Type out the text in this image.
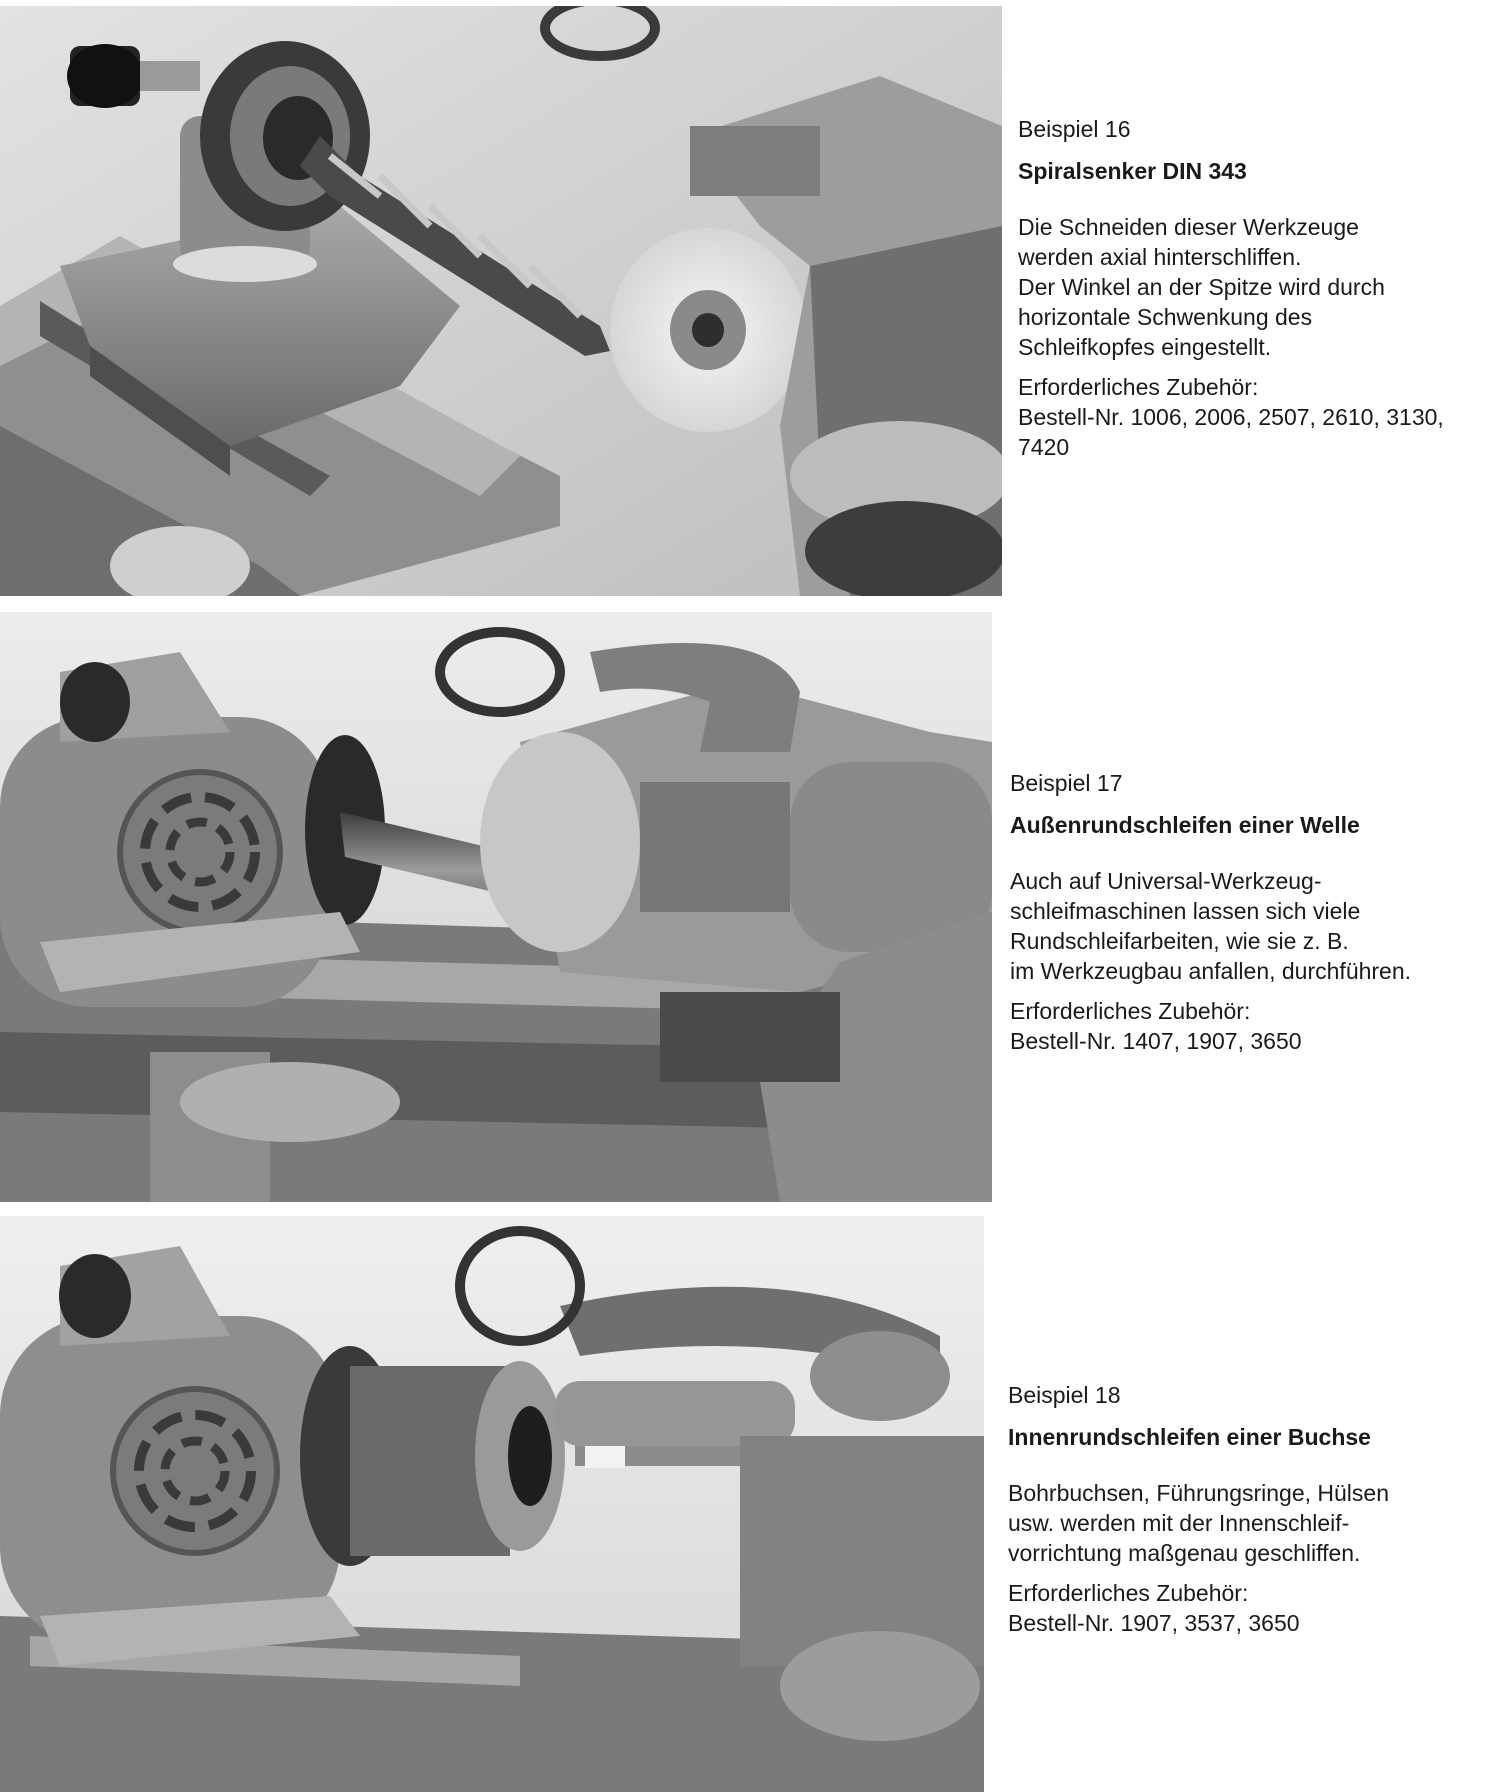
Beispiel 16

Spiralsenker DIN 343

Die Schneiden dieser Werkzeuge

werden axial hinterschliffen.

Der Winkel an der Spitze wird durch

horizontale Schwenkung des

Schleifkopfes eingestellt.

Erforderliches Zubehör:

Bestell-Nr. 1006, 2006, 2507, 2610, 3130,

7420

Beispiel 17

Außenrundschleifen einer Welle

Auch auf Universal-Werkzeug-

schleifmaschinen lassen sich viele

Rundschleifarbeiten, wie sie z. B.

im Werkzeugbau anfallen, durchführen.

Erforderliches Zubehör:

Bestell-Nr. 1407, 1907, 3650

Beispiel 18

Innenrundschleifen einer Buchse

Bohrbuchsen, Führungsringe, Hülsen

usw. werden mit der Innenschleif-

vorrichtung maßgenau geschliffen.

Erforderliches Zubehör:

Bestell-Nr. 1907, 3537, 3650
